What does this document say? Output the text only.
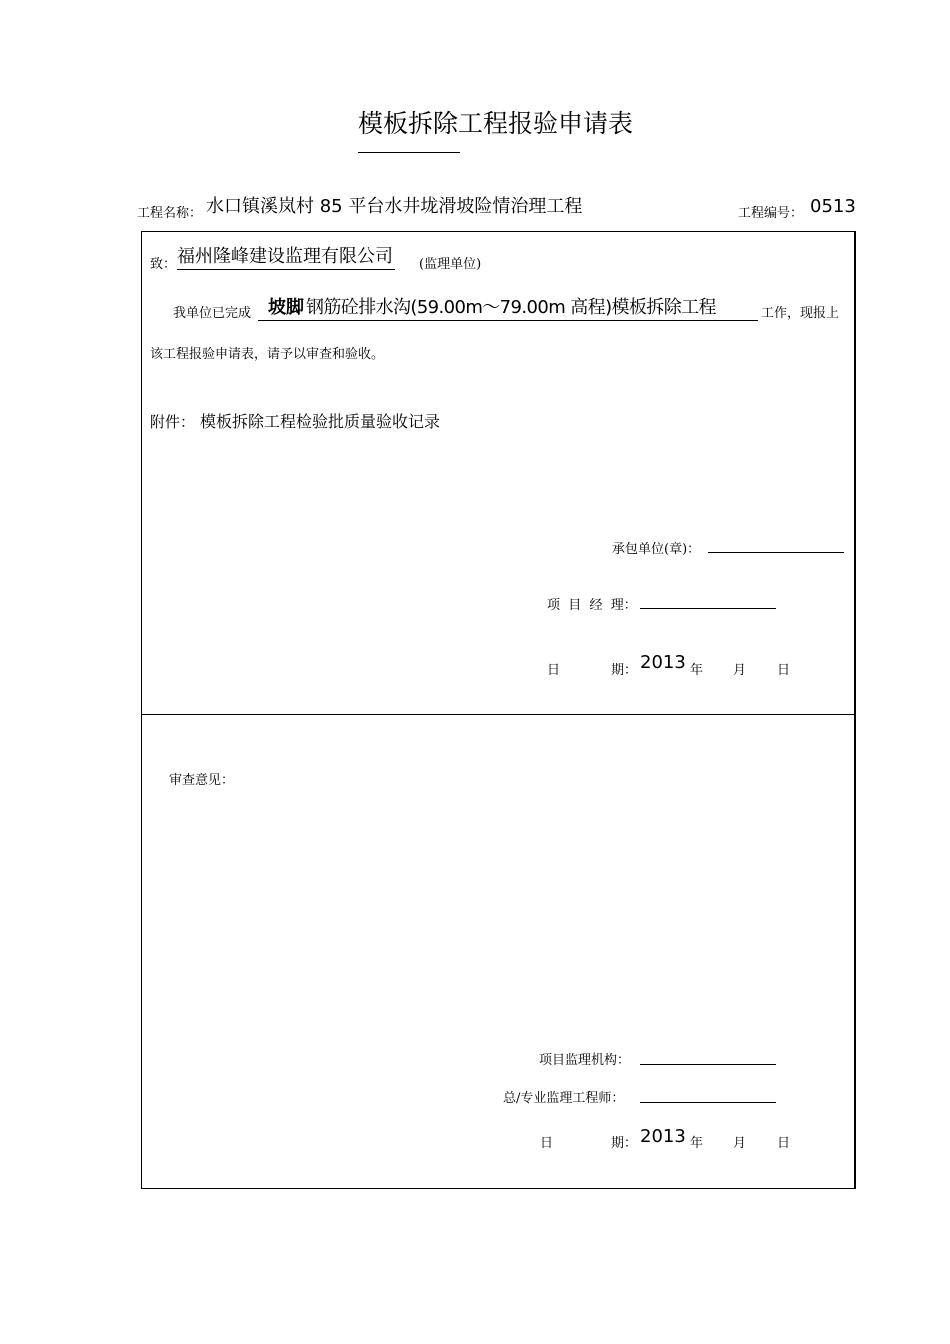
模板拆除工程报验申请表
工程名称： 水口镇溪岚村 85 平台水井垅滑坡险情治理工程	工程编号： 0513
致： 福州隆峰建设监理有限公司 (监理单位)
我单位已完成 坡脚 钢筋砼排水沟(59.00m～79.00m 高程)模板拆除工程	工作，现报上
该工程报验申请表，请予以审查和验收。
附件： 模板拆除工程检验批质量验收记录
承包单位(章)：
项  目  经  理：
日	期： 2013 年 月 日
审查意见：
项目监理机构：
总/专业监理工程师：
日	期： 2013 年 月 日
